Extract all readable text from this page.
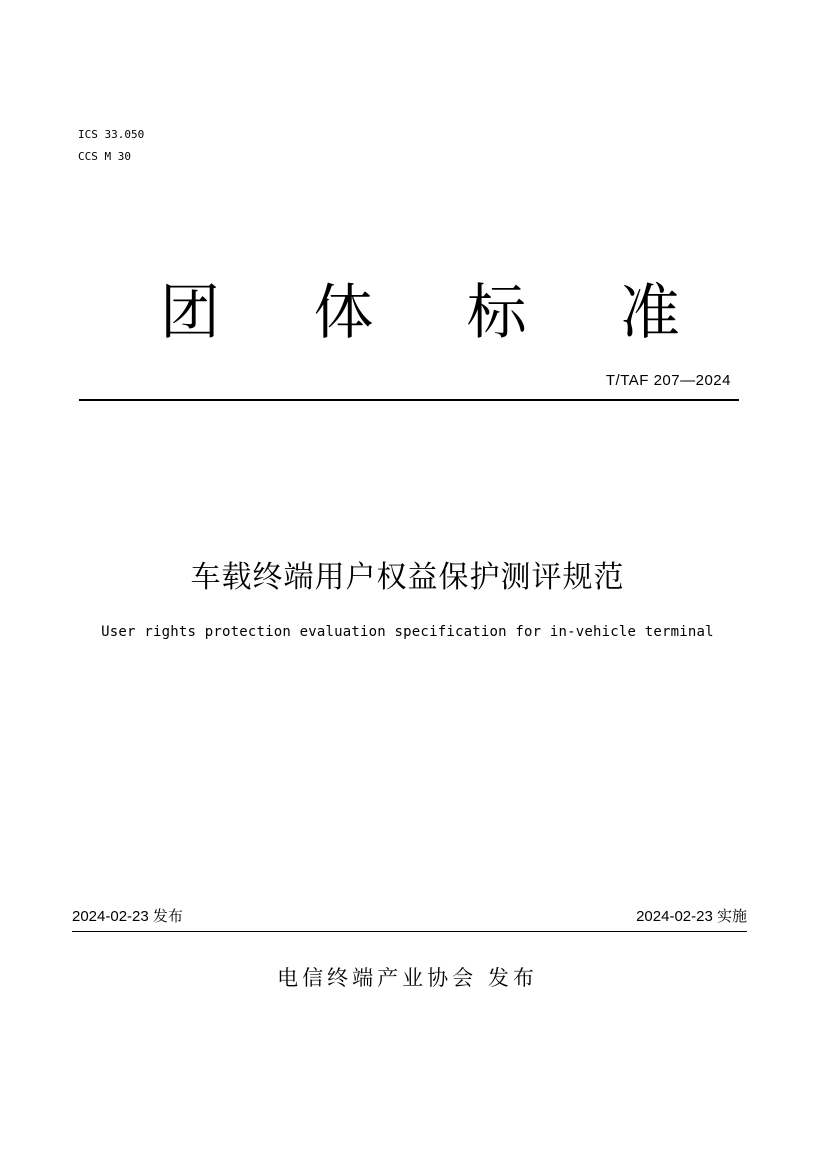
ICS 33.050
CCS M 30
团 体 标 准
T/TAF 207—2024
车载终端用户权益保护测评规范
User rights protection evaluation specification for in-vehicle terminal
2024-02-23 发布	2024-02-23 实施
电信终端产业协会 发布
